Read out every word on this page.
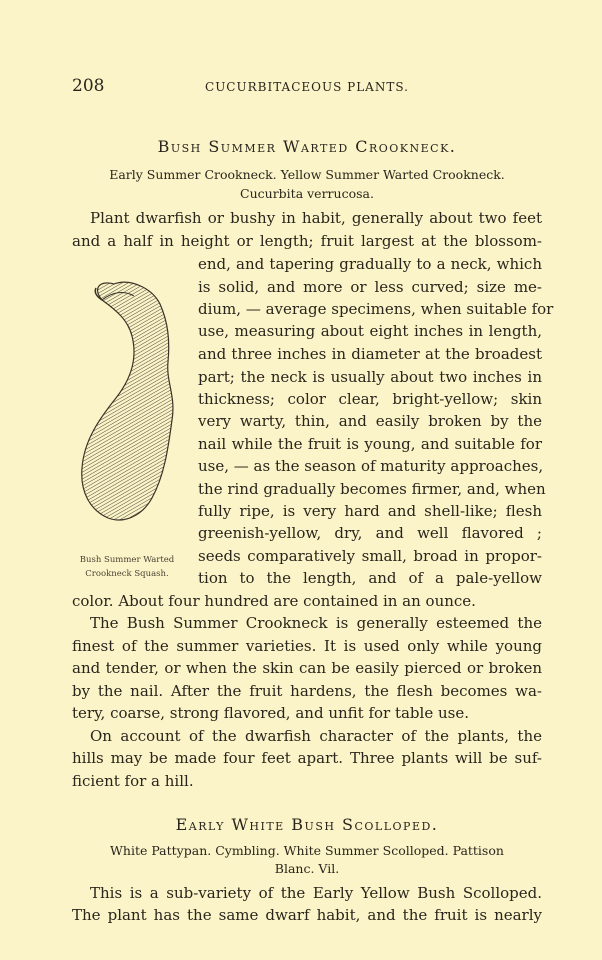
208	CUCURBITACEOUS PLANTS.
Bush Summer Warted Crookneck.
Early Summer Crookneck. Yellow Summer Warted Crookneck.
Cucurbita verrucosa.
Plant dwarfish or bushy in habit, generally about two feet
and a half in height or length; fruit largest at the blossom-
end, and tapering gradually to a neck, which
is solid, and more or less curved; size me-
dium, — average specimens, when suitable for
use, measuring about eight inches in length,
and three inches in diameter at the broadest
part; the neck is usually about two inches in
thickness; color clear, bright-yellow; skin
very warty, thin, and easily broken by the
nail while the fruit is young, and suitable for
use, — as the season of maturity approaches,
the rind gradually becomes firmer, and, when
fully ripe, is very hard and shell-like; flesh
greenish-yellow, dry, and well flavored ;
seeds comparatively small, broad in propor-
tion to the length, and of a pale-yellow
color. About four hundred are contained in an ounce.
The Bush Summer Crookneck is generally esteemed the
finest of the summer varieties. It is used only while young
and tender, or when the skin can be easily pierced or broken
by the nail. After the fruit hardens, the flesh becomes wa-
tery, coarse, strong flavored, and unfit for table use.
On account of the dwarfish character of the plants, the
hills may be made four feet apart. Three plants will be suf-
ficient for a hill.
Bush Summer Warted
Crookneck Squash.
Early White Bush Scolloped.
White Pattypan. Cymbling. White Summer Scolloped. Pattison
Blanc. Vil.
This is a sub-variety of the Early Yellow Bush Scolloped.
The plant has the same dwarf habit, and the fruit is nearly
